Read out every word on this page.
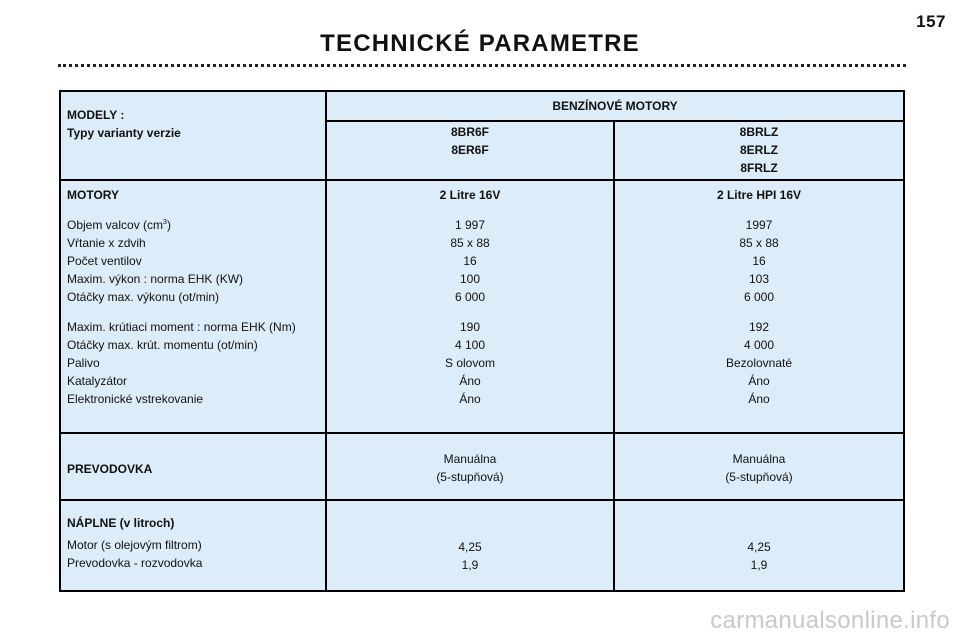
157
TECHNICKÉ PARAMETRE
MODELY :
Typy varianty verzie
BENZÍNOVÉ MOTORY
8BR6F
8ER6F
8BRLZ
8ERLZ
8FRLZ
MOTORY
Objem valcov $(cm^3)$
Vŕtanie x zdvih
Počet ventilov
Maxim. výkon : norma EHK (KW)
Otáčky max. výkonu (ot/min)
Maxim. krútiaci moment : norma EHK (Nm)
Otáčky max. krút. momentu (ot/min)
Palivo
Katalyzátor
Elektronické vstrekovanie
2 Litre 16V
1 997
85 x 88
16
100
6 000
190
4 100
S olovom
Áno
Áno
2 Litre HPI 16V
1997
85 x 88
16
103
6 000
192
4 000
Bezolovnaté
Áno
Áno
PREVODOVKA
Manuálna
(5-stupňová)
Manuálna
(5-stupňová)
NÁPLNE (v litroch)
Motor (s olejovým filtrom)
Prevodovka - rozvodovka
4,25
1,9
4,25
1,9
carmanualsonline.info
